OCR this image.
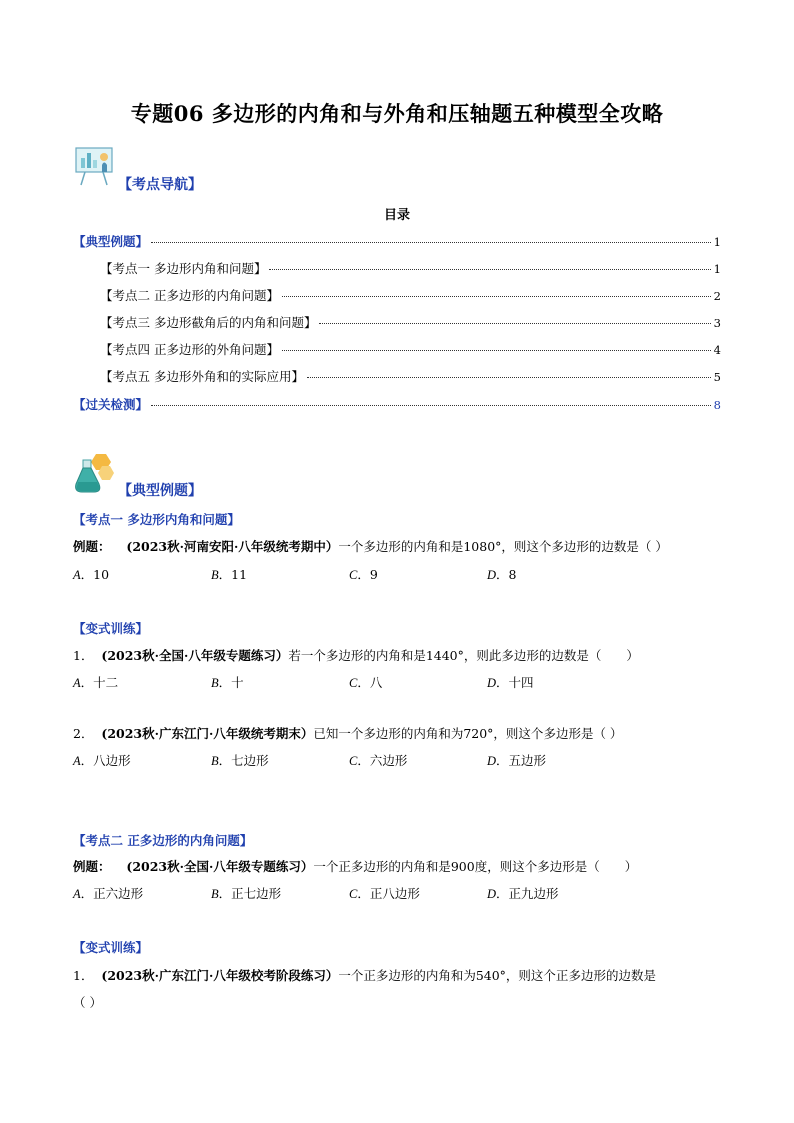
专题06 多边形的内角和与外角和压轴题五种模型全攻略
【考点导航】
目录
【典型例题】	1
【考点一 多边形内角和问题】	1
【考点二 正多边形的内角问题】	2
【考点三 多边形截角后的内角和问题】	3
【考点四 正多边形的外角问题】	4
【考点五 多边形外角和的实际应用】	5
【过关检测】	8
【典型例题】
【考点一 多边形内角和问题】
例题： (2023秋·河南安阳·八年级统考期中）一个多边形的内角和是1080°，则这个多边形的边数是（ ）
A．10	B．11	C．9	D．8
【变式训练】
1． (2023秋·全国·八年级专题练习）若一个多边形的内角和是1440°，则此多边形的边数是（　　）
A．十二	B．十	C．八	D．十四
2． (2023秋·广东江门·八年级统考期末）已知一个多边形的内角和为720°，则这个多边形是（ ）
A．八边形	B．七边形	C．六边形	D．五边形
【考点二 正多边形的内角问题】
例题： (2023秋·全国·八年级专题练习）一个正多边形的内角和是900度，则这个多边形是（　　）
A．正六边形	B．正七边形	C．正八边形	D．正九边形
【变式训练】
1． (2023秋·广东江门·八年级校考阶段练习）一个正多边形的内角和为540°，则这个正多边形的边数是
（ ）
